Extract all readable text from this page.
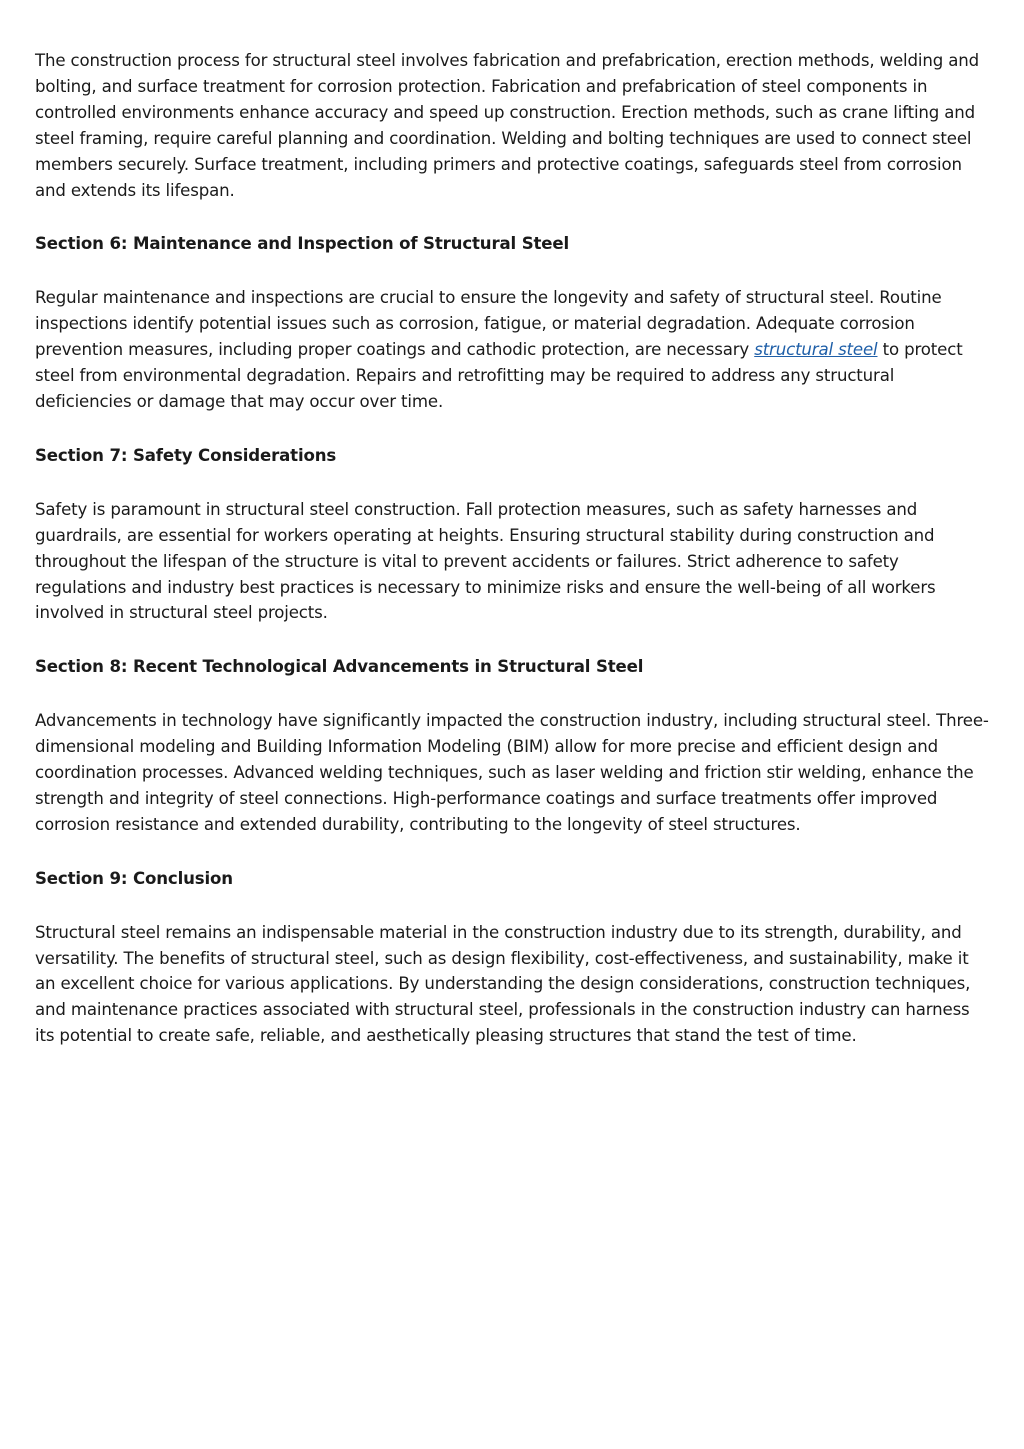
The construction process for structural steel involves fabrication and prefabrication, erection methods, welding and bolting, and surface treatment for corrosion protection. Fabrication and prefabrication of steel components in controlled environments enhance accuracy and speed up construction. Erection methods, such as crane lifting and steel framing, require careful planning and coordination. Welding and bolting techniques are used to connect steel members securely. Surface treatment, including primers and protective coatings, safeguards steel from corrosion and extends its lifespan.

Section 6: Maintenance and Inspection of Structural Steel

Regular maintenance and inspections are crucial to ensure the longevity and safety of structural steel. Routine inspections identify potential issues such as corrosion, fatigue, or material degradation. Adequate corrosion prevention measures, including proper coatings and cathodic protection, are necessary structural steel to protect steel from environmental degradation. Repairs and retrofitting may be required to address any structural deficiencies or damage that may occur over time.

Section 7: Safety Considerations

Safety is paramount in structural steel construction. Fall protection measures, such as safety harnesses and guardrails, are essential for workers operating at heights. Ensuring structural stability during construction and throughout the lifespan of the structure is vital to prevent accidents or failures. Strict adherence to safety regulations and industry best practices is necessary to minimize risks and ensure the well-being of all workers involved in structural steel projects.

Section 8: Recent Technological Advancements in Structural Steel

Advancements in technology have significantly impacted the construction industry, including structural steel. Three-dimensional modeling and Building Information Modeling (BIM) allow for more precise and efficient design and coordination processes. Advanced welding techniques, such as laser welding and friction stir welding, enhance the strength and integrity of steel connections. High-performance coatings and surface treatments offer improved corrosion resistance and extended durability, contributing to the longevity of steel structures.

Section 9: Conclusion

Structural steel remains an indispensable material in the construction industry due to its strength, durability, and versatility. The benefits of structural steel, such as design flexibility, cost-effectiveness, and sustainability, make it an excellent choice for various applications. By understanding the design considerations, construction techniques, and maintenance practices associated with structural steel, professionals in the construction industry can harness its potential to create safe, reliable, and aesthetically pleasing structures that stand the test of time.
